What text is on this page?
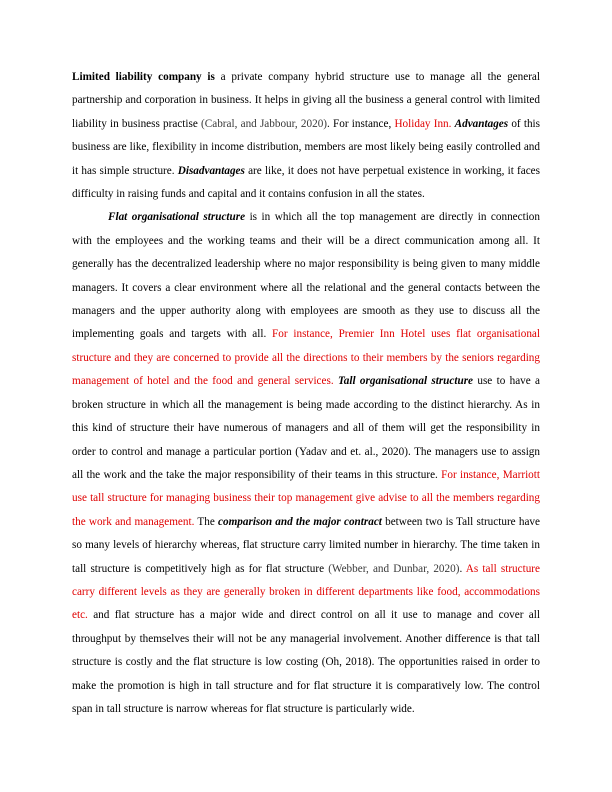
Limited liability company is a private company hybrid structure use to manage all the general partnership and corporation in business. It helps in giving all the business a general control with limited liability in business practise (Cabral, and Jabbour, 2020). For instance, Holiday Inn. Advantages of this business are like, flexibility in income distribution, members are most likely being easily controlled and it has simple structure. Disadvantages are like, it does not have perpetual existence in working, it faces difficulty in raising funds and capital and it contains confusion in all the states.

Flat organisational structure is in which all the top management are directly in connection with the employees and the working teams and their will be a direct communication among all. It generally has the decentralized leadership where no major responsibility is being given to many middle managers. It covers a clear environment where all the relational and the general contacts between the managers and the upper authority along with employees are smooth as they use to discuss all the implementing goals and targets with all. For instance, Premier Inn Hotel uses flat organisational structure and they are concerned to provide all the directions to their members by the seniors regarding management of hotel and the food and general services. Tall organisational structure use to have a broken structure in which all the management is being made according to the distinct hierarchy. As in this kind of structure their have numerous of managers and all of them will get the responsibility in order to control and manage a particular portion (Yadav and et. al., 2020). The managers use to assign all the work and the take the major responsibility of their teams in this structure. For instance, Marriott use tall structure for managing business their top management give advise to all the members regarding the work and management. The comparison and the major contract between two is Tall structure have so many levels of hierarchy whereas, flat structure carry limited number in hierarchy. The time taken in tall structure is competitively high as for flat structure (Webber, and Dunbar, 2020). As tall structure carry different levels as they are generally broken in different departments like food, accommodations etc. and flat structure has a major wide and direct control on all it use to manage and cover all throughput by themselves their will not be any managerial involvement. Another difference is that tall structure is costly and the flat structure is low costing (Oh, 2018). The opportunities raised in order to make the promotion is high in tall structure and for flat structure it is comparatively low. The control span in tall structure is narrow whereas for flat structure is particularly wide.
